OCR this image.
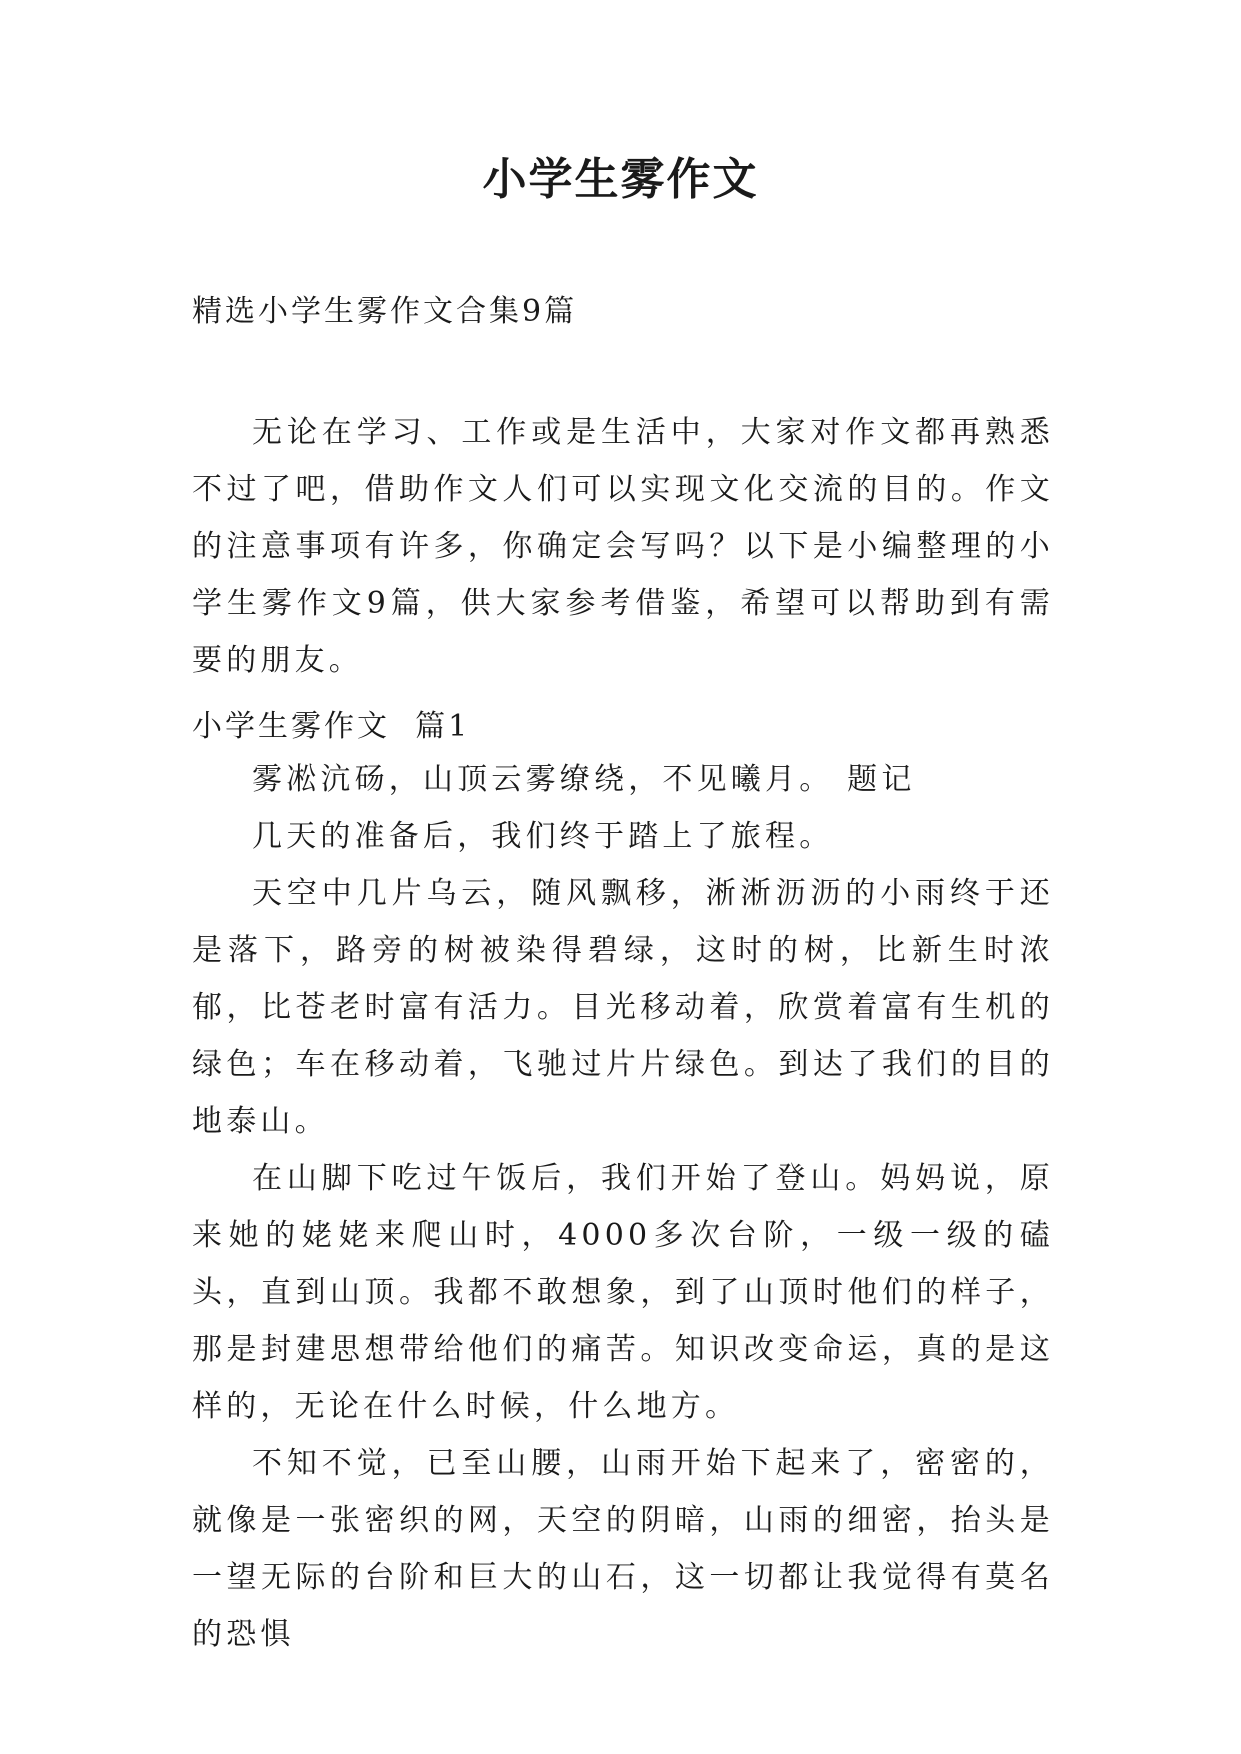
小学生雾作文
精选小学生雾作文合集9篇

无论在学习、工作或是生活中，大家对作文都再熟悉不过了吧，借助作文人们可以实现文化交流的目的。作文的注意事项有许多，你确定会写吗？以下是小编整理的小学生雾作文9篇，供大家参考借鉴，希望可以帮助到有需要的朋友。

小学生雾作文  篇1

雾凇沆砀，山顶云雾缭绕，不见曦月。 题记

几天的准备后，我们终于踏上了旅程。

天空中几片乌云，随风飘移，淅淅沥沥的小雨终于还是落下，路旁的树被染得碧绿，这时的树，比新生时浓郁，比苍老时富有活力。目光移动着，欣赏着富有生机的绿色；车在移动着，飞驰过片片绿色。到达了我们的目的地泰山。

在山脚下吃过午饭后，我们开始了登山。妈妈说，原来她的姥姥来爬山时，4000多次台阶，一级一级的磕头，直到山顶。我都不敢想象，到了山顶时他们的样子，那是封建思想带给他们的痛苦。知识改变命运，真的是这样的，无论在什么时候，什么地方。

不知不觉，已至山腰，山雨开始下起来了，密密的，就像是一张密织的网，天空的阴暗，山雨的细密，抬头是一望无际的台阶和巨大的山石，这一切都让我觉得有莫名的恐惧
